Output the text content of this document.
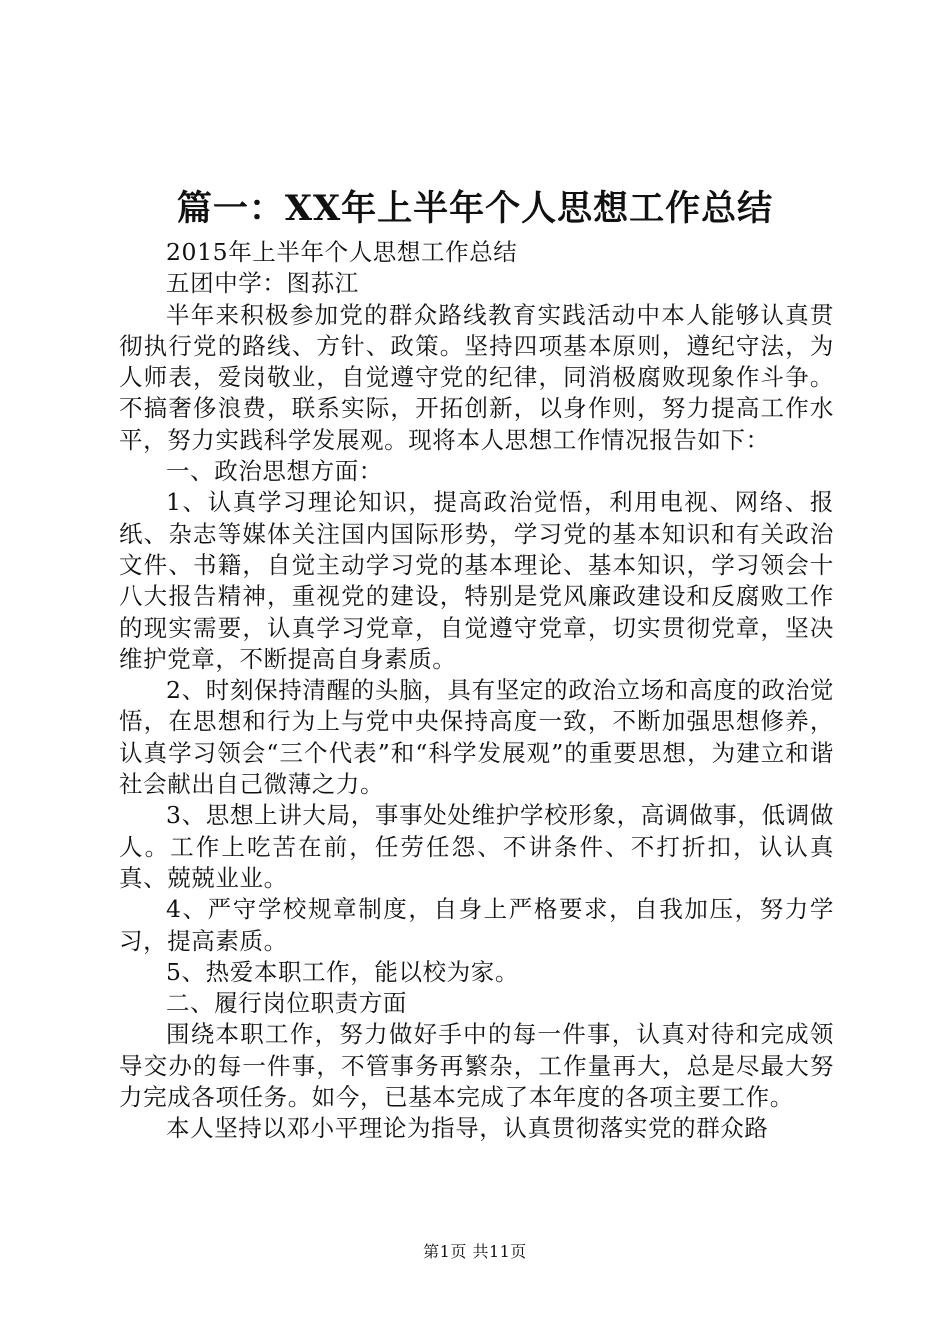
篇一：XX年上半年个人思想工作总结

2015年上半年个人思想工作总结

五团中学：图荪江

半年来积极参加党的群众路线教育实践活动中本人能够认真贯彻执行党的路线、方针、政策。坚持四项基本原则，遵纪守法，为人师表，爱岗敬业，自觉遵守党的纪律，同消极腐败现象作斗争。不搞奢侈浪费，联系实际，开拓创新，以身作则，努力提高工作水平，努力实践科学发展观。现将本人思想工作情况报告如下：

一、政治思想方面：

1、认真学习理论知识，提高政治觉悟，利用电视、网络、报纸、杂志等媒体关注国内国际形势，学习党的基本知识和有关政治文件、书籍，自觉主动学习党的基本理论、基本知识，学习领会十八大报告精神，重视党的建设，特别是党风廉政建设和反腐败工作的现实需要，认真学习党章，自觉遵守党章，切实贯彻党章，坚决维护党章，不断提高自身素质。

2、时刻保持清醒的头脑，具有坚定的政治立场和高度的政治觉悟，在思想和行为上与党中央保持高度一致，不断加强思想修养，认真学习领会“三个代表”和“科学发展观”的重要思想，为建立和谐社会献出自己微薄之力。

3、思想上讲大局，事事处处维护学校形象，高调做事，低调做人。工作上吃苦在前，任劳任怨、不讲条件、不打折扣，认认真真、兢兢业业。

4、严守学校规章制度，自身上严格要求，自我加压，努力学习，提高素质。

5、热爱本职工作，能以校为家。

二、履行岗位职责方面

围绕本职工作，努力做好手中的每一件事，认真对待和完成领导交办的每一件事，不管事务再繁杂，工作量再大，总是尽最大努力完成各项任务。如今，已基本完成了本年度的各项主要工作。

本人坚持以邓小平理论为指导，认真贯彻落实党的群众路

第1页 共11页
